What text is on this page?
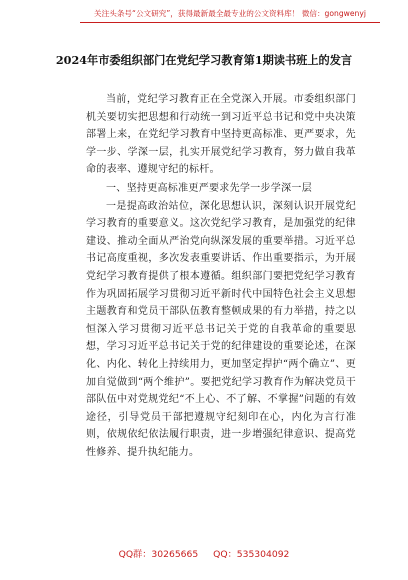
关注头条号“公文研究”，获得最新最全最专业的公文资料库！ 微信：gongwenyj
2024年市委组织部门在党纪学习教育第1期读书班上的发言

当前，党纪学习教育正在全党深入开展。市委组织部门机关要切实把思想和行动统一到习近平总书记和党中央决策部署上来，在党纪学习教育中坚持更高标准、更严要求，先学一步、学深一层，扎实开展党纪学习教育，努力做自我革命的表率、遵规守纪的标杆。

一、坚持更高标准更严要求先学一步学深一层

一是提高政治站位，深化思想认识，深刻认识开展党纪学习教育的重要意义。这次党纪学习教育，是加强党的纪律建设、推动全面从严治党向纵深发展的重要举措。习近平总书记高度重视，多次发表重要讲话、作出重要指示，为开展党纪学习教育提供了根本遵循。组织部门要把党纪学习教育作为巩固拓展学习贯彻习近平新时代中国特色社会主义思想主题教育和党员干部队伍教育整顿成果的有力举措，持之以恒深入学习贯彻习近平总书记关于党的自我革命的重要思想，学习习近平总书记关于党的纪律建设的重要论述，在深化、内化、转化上持续用力，更加坚定捍护“两个确立”、更加自觉做到“两个维护”。要把党纪学习教育作为解决党员干部队伍中对党规党纪“不上心、不了解、不掌握”问题的有效途径，引导党员干部把遵规守纪刻印在心，内化为言行准则，依规依纪依法履行职责，进一步增强纪律意识、提高党性修养、提升执纪能力。

QQ群：30265665 QQ：535304092
